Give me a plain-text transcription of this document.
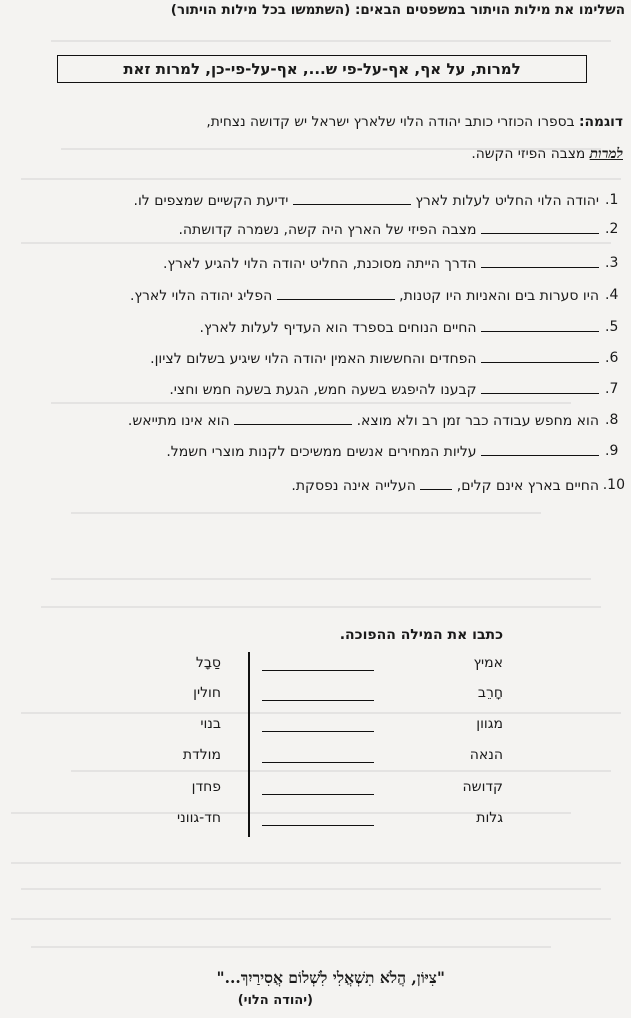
השלימו את מילות הויתור במשפטים הבאים: (השתמשו בכל מילות הויתור)
למרות, על אף, אף-על-פי ש..., אף-על-פי-כן, למרות זאת
דוגמה: בספרו הכוזרי כותב יהודה הלוי שלארץ ישראל יש קדושה נצחית,
למרות מצבה הפיזי הקשה.
1.
יהודה הלוי החליט לעלות לארץ  ידיעת הקשיים שמצפים לו.
2.
מצבה הפיזי של הארץ היה קשה, נשמרה קדושתה.
3.
הדרך הייתה מסוכנת, החליט יהודה הלוי להגיע לארץ.
4.
היו סערות בים והאניות היו קטנות,  הפליג יהודה הלוי לארץ.
5.
החיים הנוחים בספרד הוא העדיף לעלות לארץ.
6.
הפחדים והחששות האמין יהודה הלוי שיגיע בשלום לציון.
7.
קבענו להיפגש בשעה חמש, הגעת בשעה חמש וחצי.
8.
הוא מחפש עבודה כבר זמן רב ולא מוצא.  הוא אינו מתייאש.
9.
עליות המחירים אנשים ממשיכים לקנות מוצרי חשמל.
10.
החיים בארץ אינם קלים,  העלייה אינה נפסקת.
כתבו את המילה ההפוכה.
אמיץ
סַבָל
חָרֵב
חולין
מגוון
בנוי
הנאה
מולדת
קדושה
פחדן
גלות
חד-גווני
"צִיּוֹן, הֲלֹא תִשְׁאֲלִי לִשְׁלוֹם אֲסִירַיִךְ..."
(יהודה הלוי)
